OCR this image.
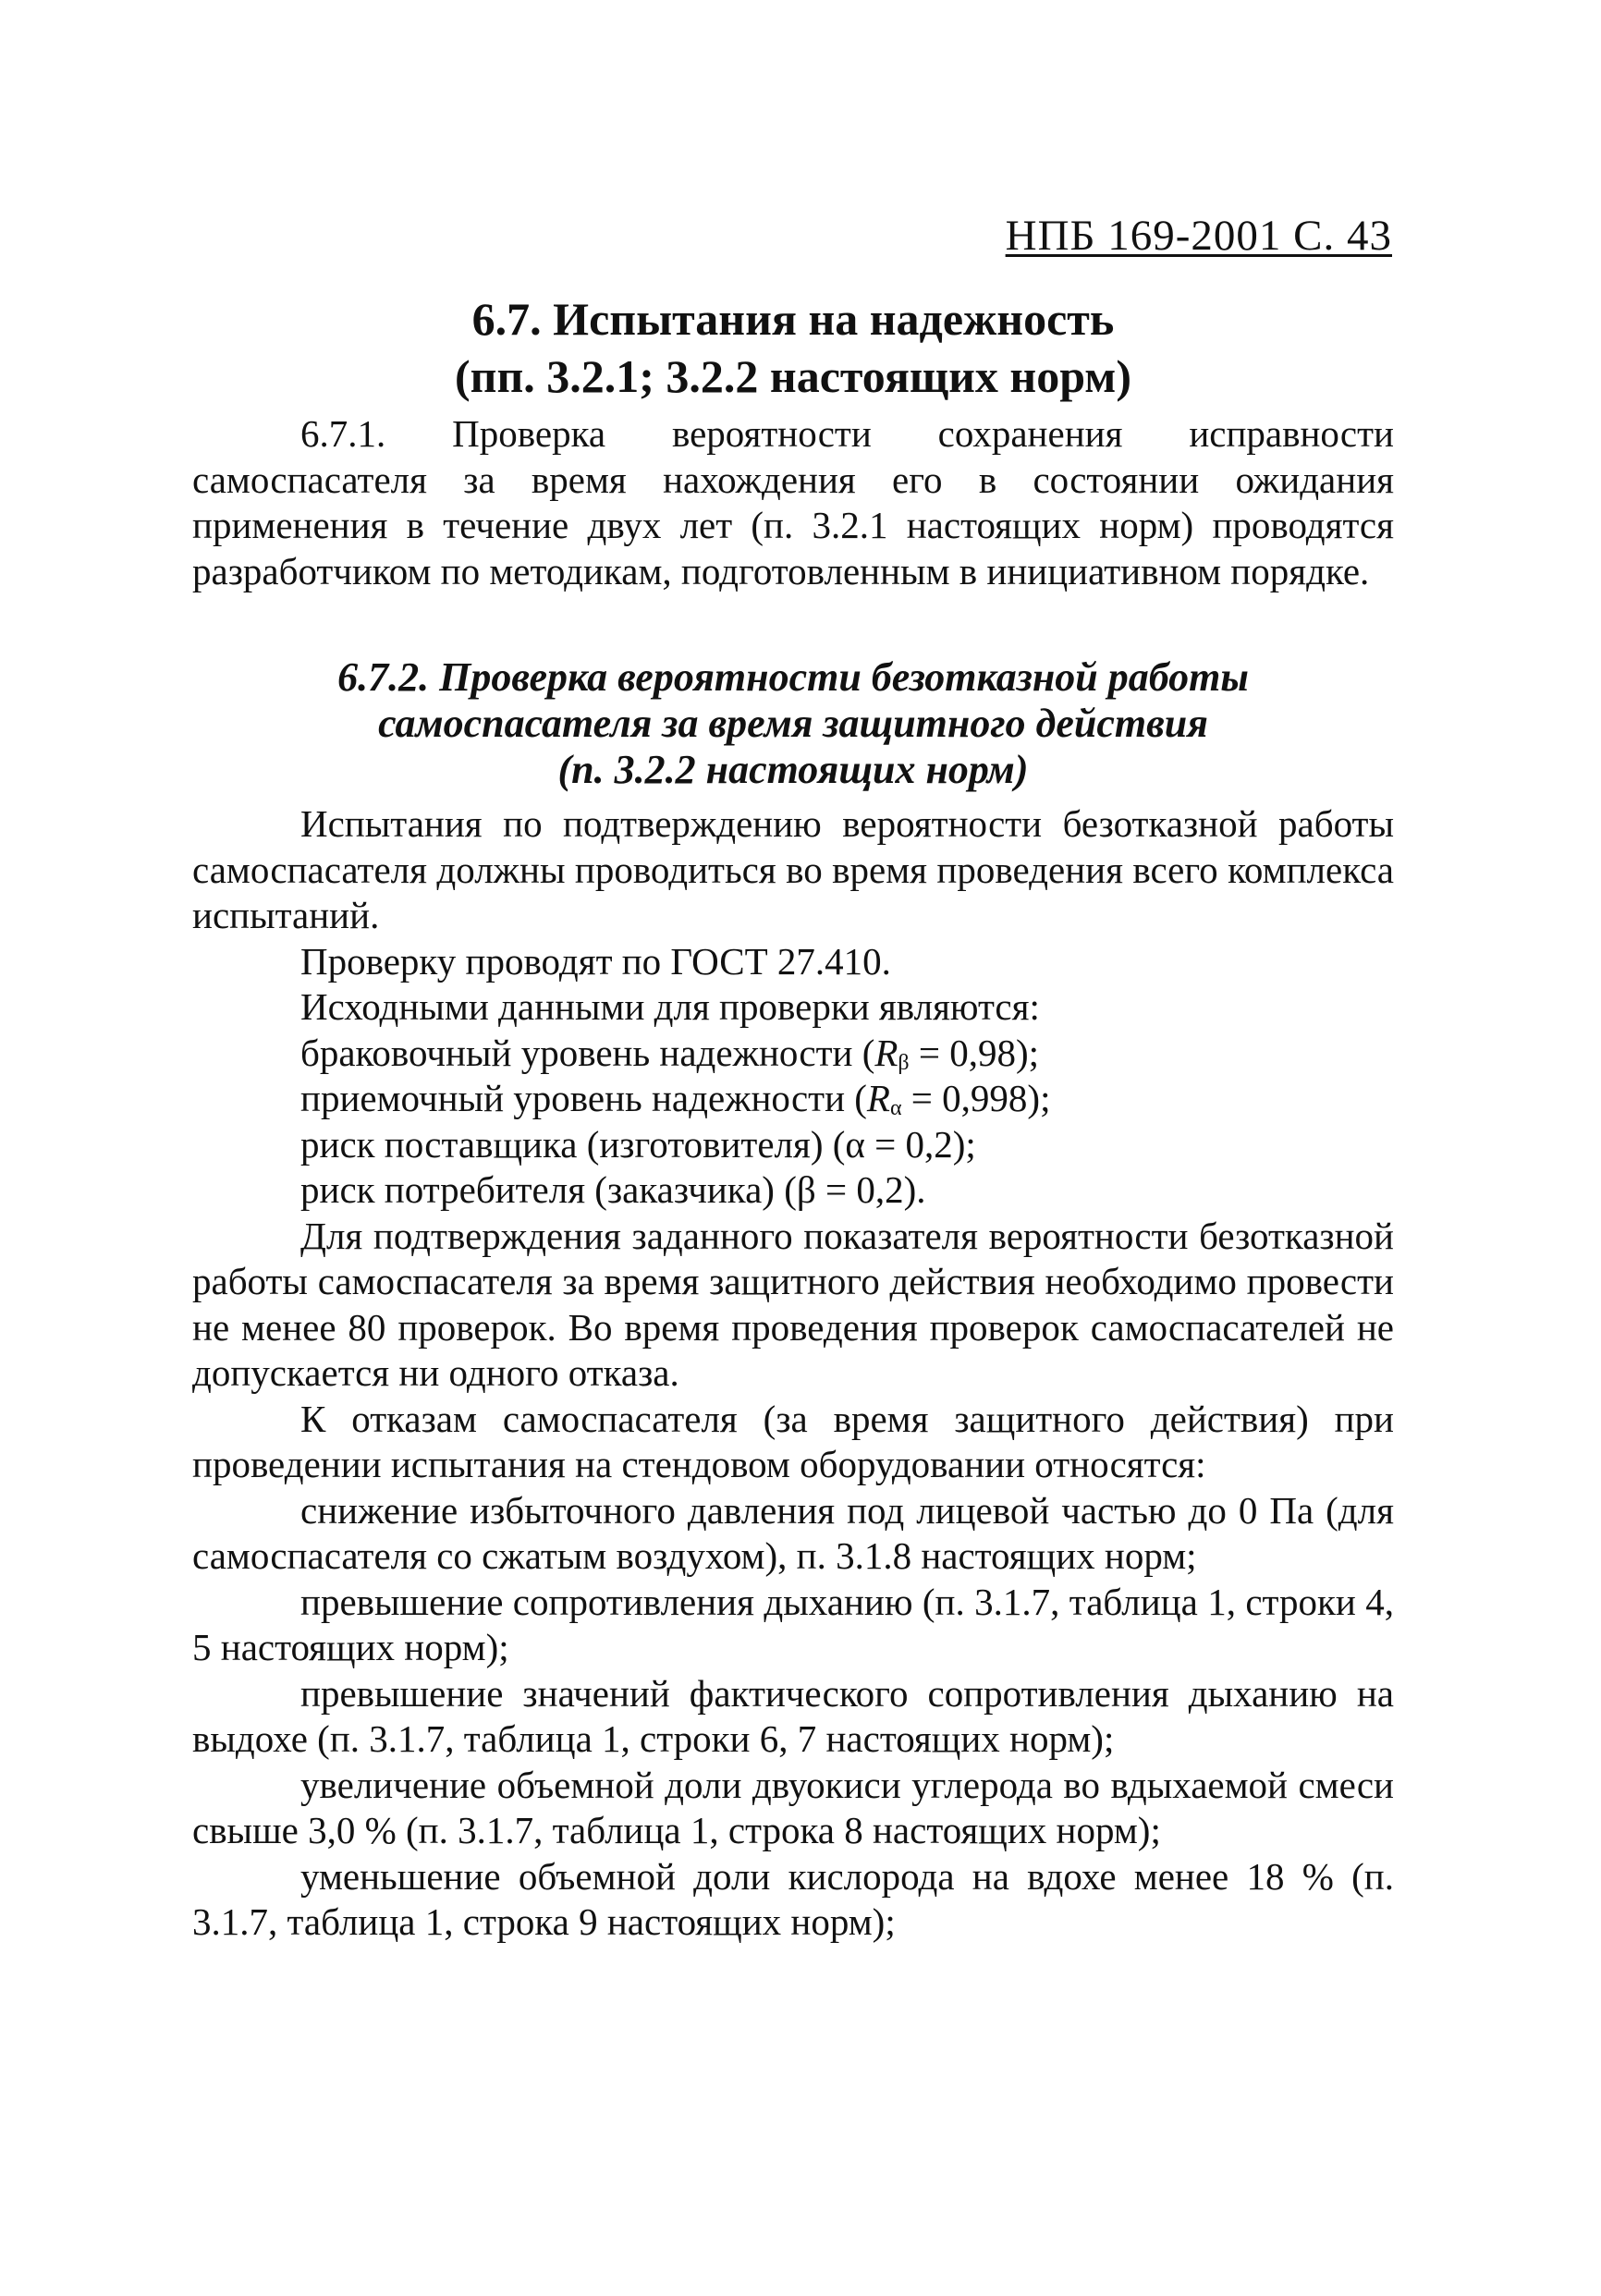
НПБ 169-2001 С. 43
6.7. Испытания на надежность
(пп. 3.2.1; 3.2.2 настоящих норм)

6.7.1. Проверка вероятности сохранения исправности самоспасателя за время нахождения его в состоянии ожидания применения в течение двух лет (п. 3.2.1 настоящих норм) проводятся разработчиком по методикам, подготовленным в инициативном порядке.

6.7.2. Проверка вероятности безотказной работы
самоспасателя за время защитного действия
(п. 3.2.2 настоящих норм)

Испытания по подтверждению вероятности безотказной работы самоспасателя должны проводиться во время проведения всего комплекса испытаний.

Проверку проводят по ГОСТ 27.410.

Исходными данными для проверки являются:

браковочный уровень надежности $(R_\beta = 0,98)$;

приемочный уровень надежности $(R_\alpha = 0,998)$;

риск поставщика (изготовителя) (α = 0,2);

риск потребителя (заказчика) (β = 0,2).

Для подтверждения заданного показателя вероятности безотказной работы самоспасателя за время защитного действия необходимо провести не менее 80 проверок. Во время проведения проверок самоспасателей не допускается ни одного отказа.

К отказам самоспасателя (за время защитного действия) при проведении испытания на стендовом оборудовании относятся:

снижение избыточного давления под лицевой частью до 0 Па (для самоспасателя со сжатым воздухом), п. 3.1.8 настоящих норм;

превышение сопротивления дыханию (п. 3.1.7, таблица 1, строки 4, 5 настоящих норм);

превышение значений фактического сопротивления дыханию на выдохе (п. 3.1.7, таблица 1, строки 6, 7 настоящих норм);

увеличение объемной доли двуокиси углерода во вдыхаемой смеси свыше 3,0 % (п. 3.1.7, таблица 1, строка 8 настоящих норм);

уменьшение объемной доли кислорода на вдохе менее 18 % (п. 3.1.7, таблица 1, строка 9 настоящих норм);
